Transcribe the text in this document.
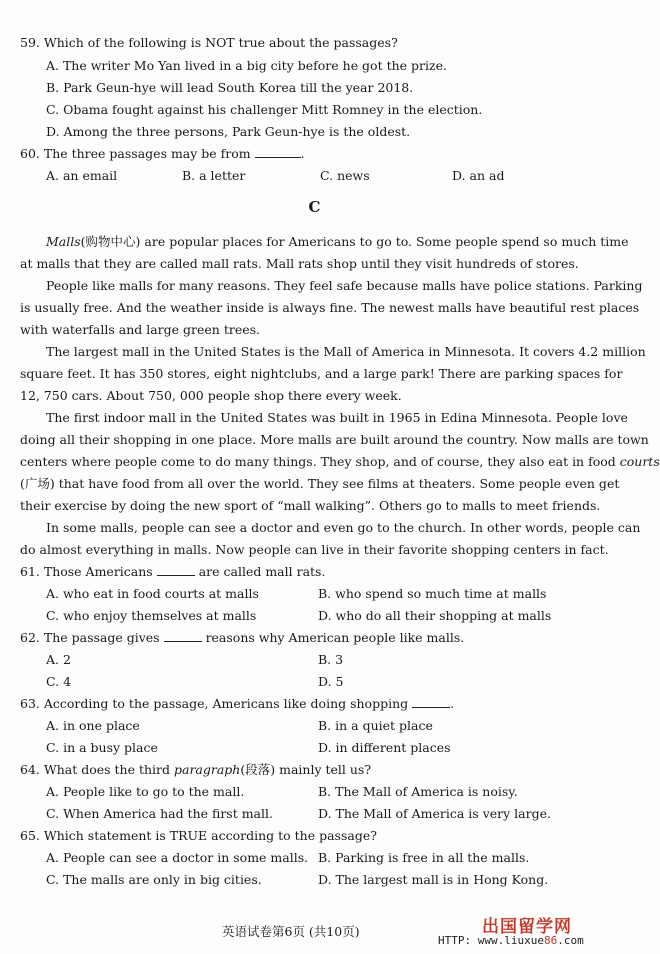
59. Which of the following is NOT true about the passages?
A. The writer Mo Yan lived in a big city before he got the prize.
B. Park Geun-hye will lead South Korea till the year 2018.
C. Obama fought against his challenger Mitt Romney in the election.
D. Among the three persons, Park Geun-hye is the oldest.
60. The three passages may be from	.
A. an email	B. a letter	C. news	D. an ad
C
Malls(购物中心) are popular places for Americans to go to. Some people spend so much time
at malls that they are called mall rats. Mall rats shop until they visit hundreds of stores.
People like malls for many reasons. They feel safe because malls have police stations. Parking
is usually free. And the weather inside is always fine. The newest malls have beautiful rest places
with waterfalls and large green trees.
The largest mall in the United States is the Mall of America in Minnesota. It covers 4.2 million
square feet. It has 350 stores, eight nightclubs, and a large park! There are parking spaces for
12, 750 cars. About 750, 000 people shop there every week.
The first indoor mall in the United States was built in 1965 in Edina Minnesota. People love
doing all their shopping in one place. More malls are built around the country. Now malls are town
centers where people come to do many things. They shop, and of course, they also eat in food courts
(广场) that have food from all over the world. They see films at theaters. Some people even get
their exercise by doing the new sport of “mall walking”. Others go to malls to meet friends.
In some malls, people can see a doctor and even go to the church. In other words, people can
do almost everything in malls. Now people can live in their favorite shopping centers in fact.
61. Those Americans	are called mall rats.
A. who eat in food courts at malls	B. who spend so much time at malls
C. who enjoy themselves at malls	D. who do all their shopping at malls
62. The passage gives	reasons why American people like malls.
A. 2	B. 3
C. 4	D. 5
63. According to the passage, Americans like doing shopping	.
A. in one place	B. in a quiet place
C. in a busy place	D. in different places
64. What does the third paragraph(段落) mainly tell us?
A. People like to go to the mall.	B. The Mall of America is noisy.
C. When America had the first mall.	D. The Mall of America is very large.
65. Which statement is TRUE according to the passage?
A. People can see a doctor in some malls. B. Parking is free in all the malls.
C. The malls are only in big cities.	D. The largest mall is in Hong Kong.
英语试卷第6页 (共10页)	出国留学网
HTTP: www.liuxue86.com
